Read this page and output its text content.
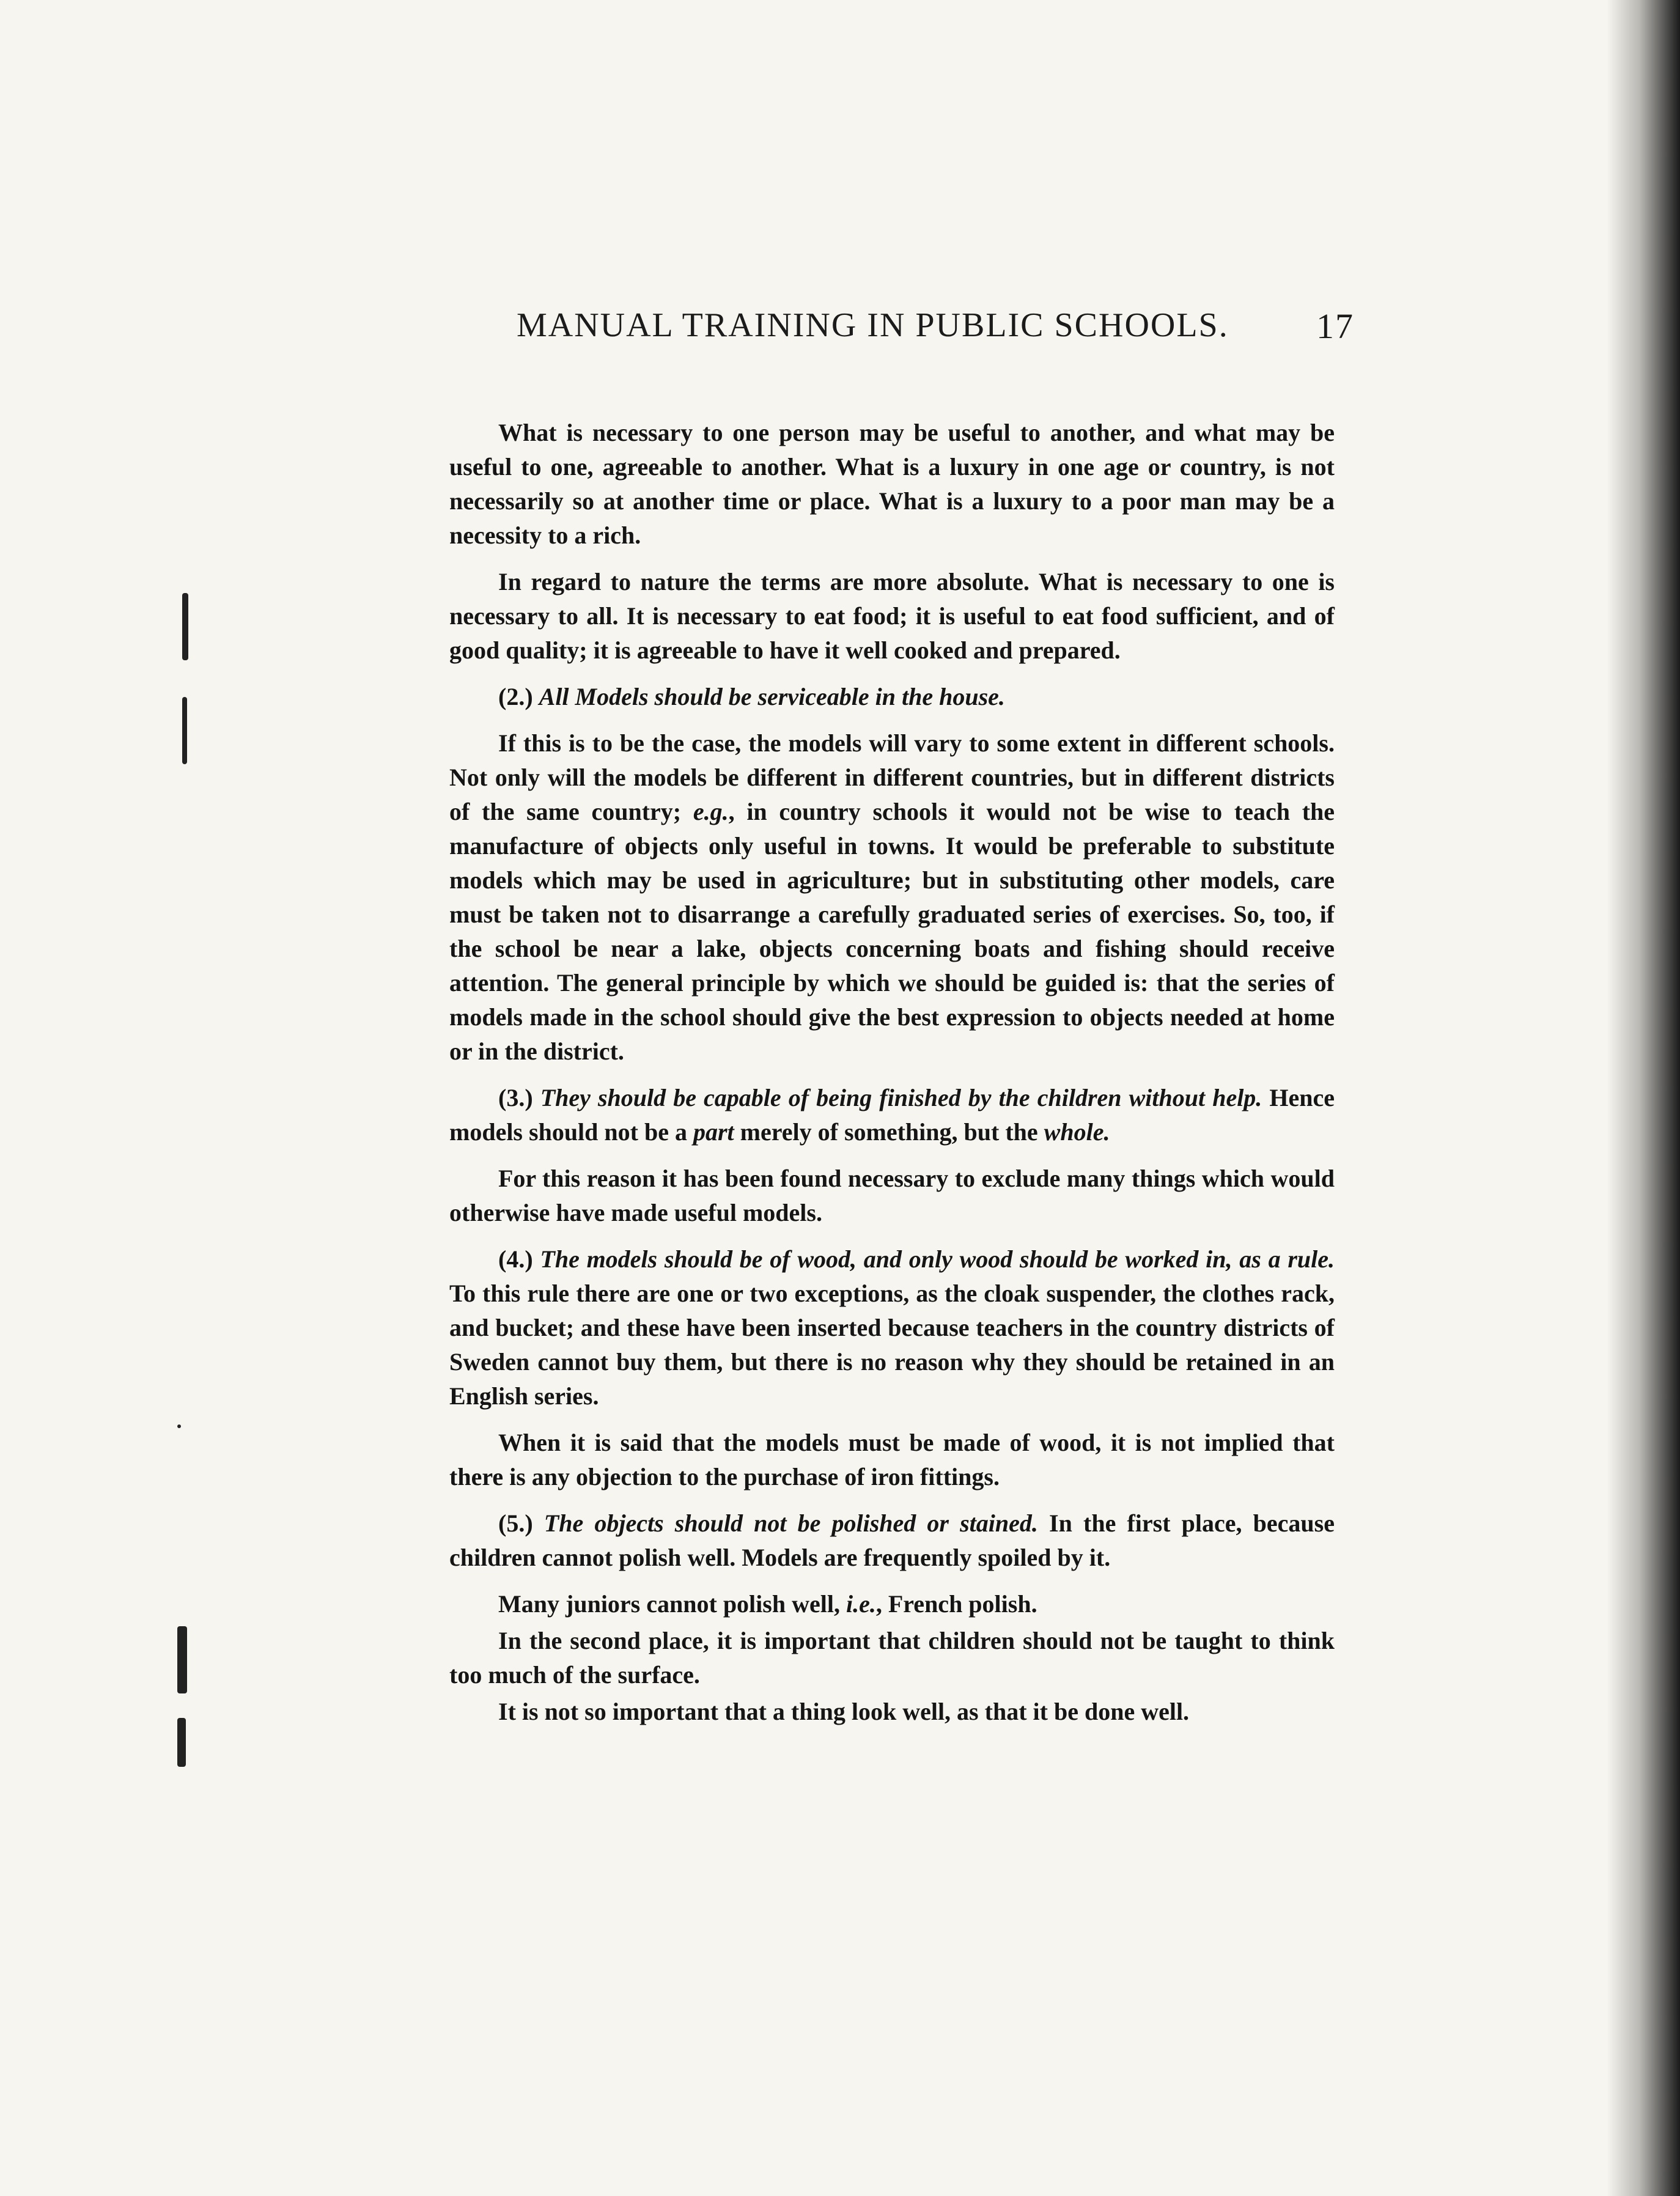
MANUAL TRAINING IN PUBLIC SCHOOLS. 17

What is necessary to one person may be useful to another, and what may be useful to one, agreeable to another. What is a luxury in one age or country, is not necessarily so at another time or place. What is a luxury to a poor man may be a necessity to a rich.

In regard to nature the terms are more absolute. What is necessary to one is necessary to all. It is necessary to eat food; it is useful to eat food sufficient, and of good quality; it is agreeable to have it well cooked and prepared.

(2.) All Models should be serviceable in the house.

If this is to be the case, the models will vary to some extent in different schools. Not only will the models be different in different countries, but in different districts of the same country; e.g., in country schools it would not be wise to teach the manufacture of objects only useful in towns. It would be preferable to substitute models which may be used in agriculture; but in substituting other models, care must be taken not to disarrange a carefully graduated series of exercises. So, too, if the school be near a lake, objects concerning boats and fishing should receive attention. The general principle by which we should be guided is: that the series of models made in the school should give the best expression to objects needed at home or in the district.

(3.) They should be capable of being finished by the children without help. Hence models should not be a part merely of something, but the whole.

For this reason it has been found necessary to exclude many things which would otherwise have made useful models.

(4.) The models should be of wood, and only wood should be worked in, as a rule. To this rule there are one or two exceptions, as the cloak suspender, the clothes rack, and bucket; and these have been inserted because teachers in the country districts of Sweden cannot buy them, but there is no reason why they should be retained in an English series.

When it is said that the models must be made of wood, it is not implied that there is any objection to the purchase of iron fittings.

(5.) The objects should not be polished or stained. In the first place, because children cannot polish well. Models are frequently spoiled by it.

Many juniors cannot polish well, i.e., French polish.

In the second place, it is important that children should not be taught to think too much of the surface.

It is not so important that a thing look well, as that it be done well.
